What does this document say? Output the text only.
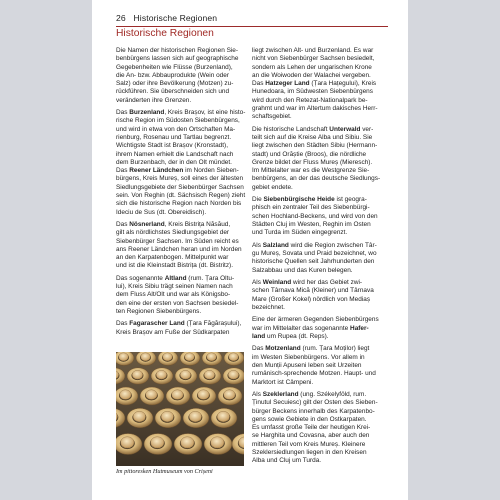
26 Historische Regionen
Historische Regionen

Die Namen der historischen Regionen Sie-
benbürgens lassen sich auf geographische
Gegebenheiten wie Flüsse (Burzenland),
die An- bzw. Abbauprodukte (Wein oder
Salz) oder ihre Bevölkerung (Motzen) zu-
rückführen. Sie überschneiden sich und
veränderten ihre Grenzen.

Das Burzenland, Kreis Brașov, ist eine histo-
rische Region im Südosten Siebenbürgens,
und wird in etwa von den Ortschaften Ma-
rienburg, Rosenau und Tartlau begrenzt.
Wichtigste Stadt ist Brașov (Kronstadt),
ihrem Namen erhielt die Landschaft nach
dem Burzenbach, der in den Olt mündet.
Das Reener Ländchen im Norden Sieben-
bürgens, Kreis Mureș, soll eines der ältesten
Siedlungsgebiete der Siebenbürger Sachsen
sein. Von Reghin (dt. Sächsisch Regen) zieht
sich die historische Region nach Norden bis
Ideciu de Sus (dt. Obereidisch).

Das Nösnerland, Kreis Bistrița Năsăud,
gilt als nördlichstes Siedlungsgebiet der
Siebenbürger Sachsen. Im Süden reicht es
ans Reener Ländchen heran und im Norden
an den Karpatenbogen. Mittelpunkt war
und ist die Kleinstadt Bistrița (dt. Bistritz).

Das sogenannte Altland (rum. Țara Oltu-
lui), Kreis Sibiu trägt seinen Namen nach
dem Fluss Alt/Olt und war als Königsbo-
den eine der ersten von Sachsen besiedel-
ten Regionen Siebenbürgens.

Das Fagarascher Land (Țara Făgărașului),
Kreis Brașov am Fuße der Südkarpaten

liegt zwischen Alt- und Burzenland. Es war
nicht von Siebenbürger Sachsen besiedelt,
sondern als Lehen der ungarischen Krone
an die Woiwoden der Walachei vergeben.
Das Hatzeger Land (Țara Hațegului), Kreis
Hunedoara, im Südwesten Siebenbürgens
wird durch den Retezat-Nationalpark be-
grahmt und war im Altertum dakisches Herr-
schaftsgebiet.

Die historische Landschaft Unterwald ver-
teilt sich auf die Kreise Alba und Sibiu. Sie
liegt zwischen den Städten Sibiu (Hermann-
stadt) und Orăștie (Broos), die nördliche
Grenze bildet der Fluss Mureș (Mieresch).
Im Mittelalter war es die Westgrenze Sie-
benbürgens, an der das deutsche Siedlungs-
gebiet endete.

Die Siebenbürgische Heide ist geogra-
phisch ein zentraler Teil des Siebenbürgi-
schen Hochland-Beckens, und wird von den
Städten Cluj im Westen, Reghin im Osten
und Turda im Süden eingegrenzt.

Als Salzland wird die Region zwischen Târ-
gu Mureș, Sovata und Praid bezeichnet, wo
historische Quellen seit Jahrhunderten den
Salzabbau und das Kuren belegen.

Als Weinland wird her das Gebiet zwi-
schen Târnava Mică (Kleiner) und Târnava
Mare (Großer Kokel) nördlich von Mediaș
bezeichnet.

Eine der ärmeren Gegenden Siebenbürgens
war im Mittelalter das sogenannte Hafer-
land um Rupea (dt. Reps).

Das Motzenland (rum. Țara Moților) liegt
im Westen Siebenbürgens. Vor allem in
den Munții Apuseni leben seit Urzeiten
rumänisch-sprechende Motzen. Haupt- und
Marktort ist Câmpeni.

Als Szeklerland (ung. Székelyföld, rum.
Ținutul Secuiesc) gilt der Osten des Sieben-
bürger Beckens innerhalb des Karpatenbo-
gens sowie Gebiete in den Ostkarpaten.
Es umfasst große Teile der heutigen Krei-
se Harghita und Covasna, aber auch den
mittleren Teil vom Kreis Mureș. Kleinere
Szeklersiedlungen liegen in den Kreisen
Alba und Cluj um Turda.

Im pittoresken Hutmuseum von Crișeni
